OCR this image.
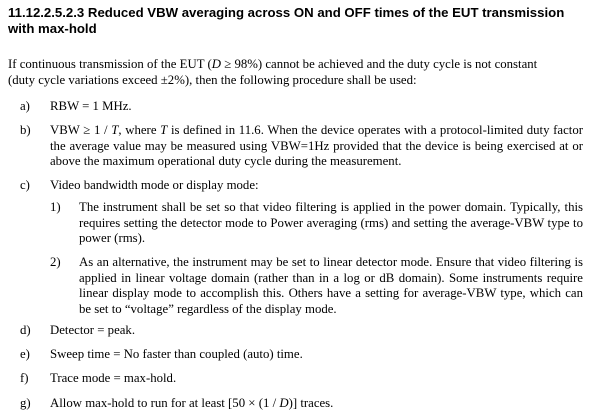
11.12.2.5.2.3 Reduced VBW averaging across ON and OFF times of the EUT transmission
with max-hold
If continuous transmission of the EUT (D ≥ 98%) cannot be achieved and the duty cycle is not constant
(duty cycle variations exceed ±2%), then the following procedure shall be used:
a) RBW = 1 MHz.
b) VBW ≥ 1 / T, where T is defined in 11.6. When the device operates with a protocol-limited duty factor the average value may be measured using VBW=1Hz provided that the device is being exercised at or above the maximum operational duty cycle during the measurement.
c) Video bandwidth mode or display mode:
1) The instrument shall be set so that video filtering is applied in the power domain. Typically, this requires setting the detector mode to Power averaging (rms) and setting the average-VBW type to power (rms).
2) As an alternative, the instrument may be set to linear detector mode. Ensure that video filtering is applied in linear voltage domain (rather than in a log or dB domain). Some instruments require linear display mode to accomplish this. Others have a setting for average-VBW type, which can be set to “voltage” regardless of the display mode.
d) Detector = peak.
e) Sweep time = No faster than coupled (auto) time.
f) Trace mode = max-hold.
g) Allow max-hold to run for at least [50 × (1 / D)] traces.
